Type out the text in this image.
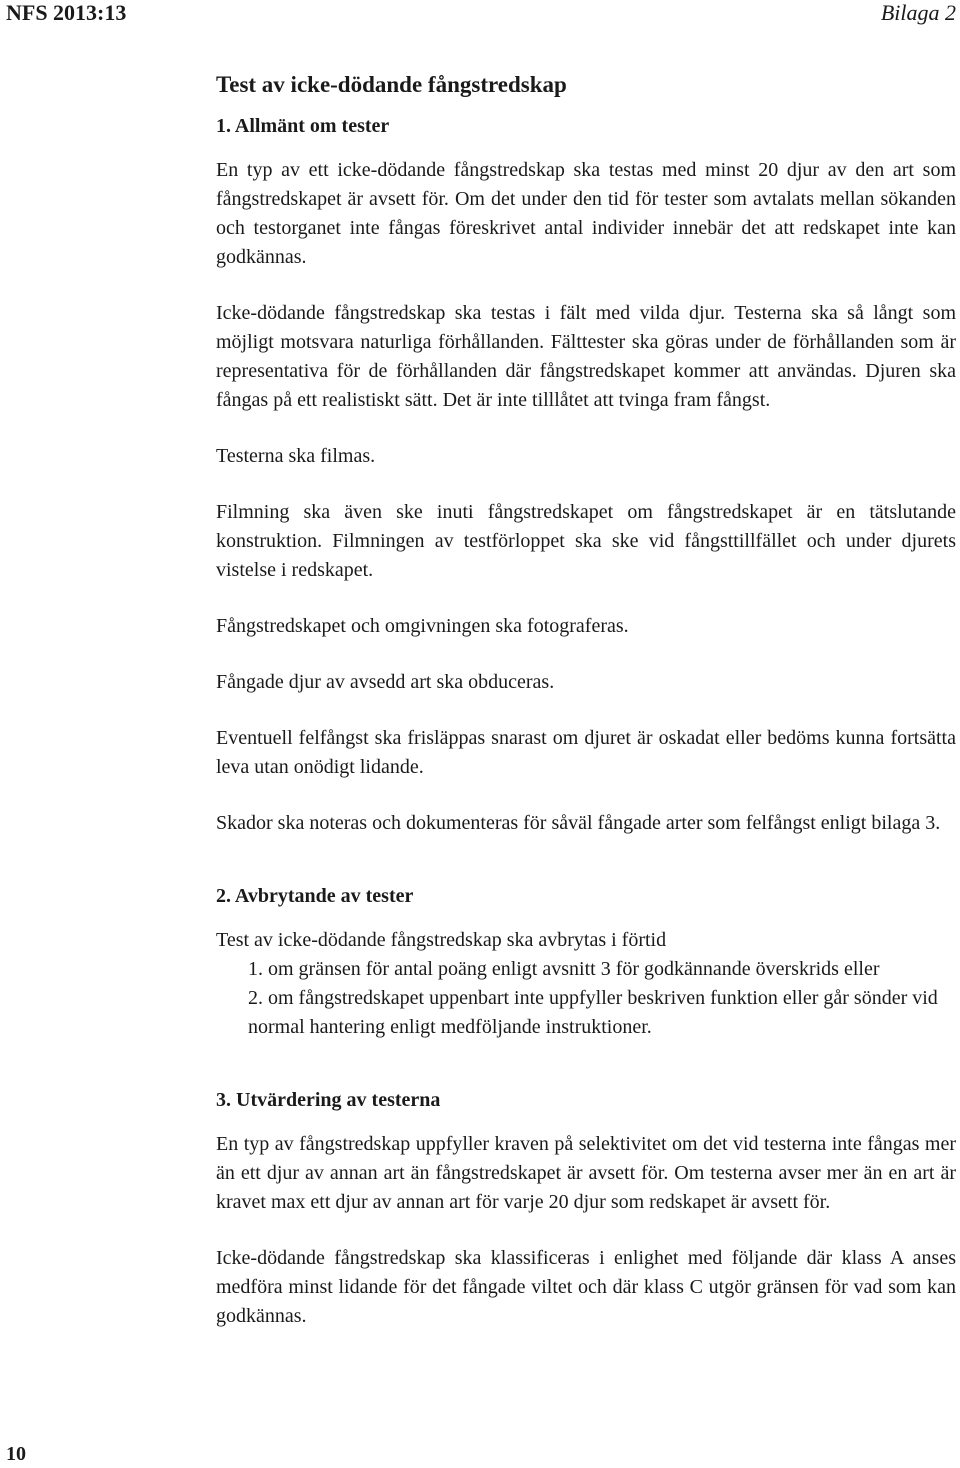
NFS 2013:13	Bilaga 2
Test av icke-dödande fångstredskap
1. Allmänt om tester

En typ av ett icke-dödande fångstredskap ska testas med minst 20 djur av den art som fångstredskapet är avsett för. Om det under den tid för tester som avtalats mellan sökanden och testorganet inte fångas föreskrivet antal individer innebär det att redskapet inte kan godkännas.

Icke-dödande fångstredskap ska testas i fält med vilda djur. Testerna ska så långt som möjligt motsvara naturliga förhållanden. Fälttester ska göras under de förhållanden som är representativa för de förhållanden där fångstredskapet kommer att användas. Djuren ska fångas på ett realistiskt sätt. Det är inte tilllåtet att tvinga fram fångst.

Testerna ska filmas.

Filmning ska även ske inuti fångstredskapet om fångstredskapet är en tätslutande konstruktion. Filmningen av testförloppet ska ske vid fångsttillfället och under djurets vistelse i redskapet.

Fångstredskapet och omgivningen ska fotograferas.

Fångade djur av avsedd art ska obduceras.

Eventuell felfångst ska frisläppas snarast om djuret är oskadat eller bedöms kunna fortsätta leva utan onödigt lidande.

Skador ska noteras och dokumenteras för såväl fångade arter som felfångst enligt bilaga 3.

2. Avbrytande av tester

Test av icke-dödande fångstredskap ska avbrytas i förtid

1. om gränsen för antal poäng enligt avsnitt 3 för godkännande överskrids eller
2. om fångstredskapet uppenbart inte uppfyller beskriven funktion eller går sönder vid normal hantering enligt medföljande instruktioner.
3. Utvärdering av testerna

En typ av fångstredskap uppfyller kraven på selektivitet om det vid testerna inte fångas mer än ett djur av annan art än fångstredskapet är avsett för. Om testerna avser mer än en art är kravet max ett djur av annan art för varje 20 djur som redskapet är avsett för.

Icke-dödande fångstredskap ska klassificeras i enlighet med följande där klass A anses medföra minst lidande för det fångade viltet och där klass C utgör gränsen för vad som kan godkännas.

10
